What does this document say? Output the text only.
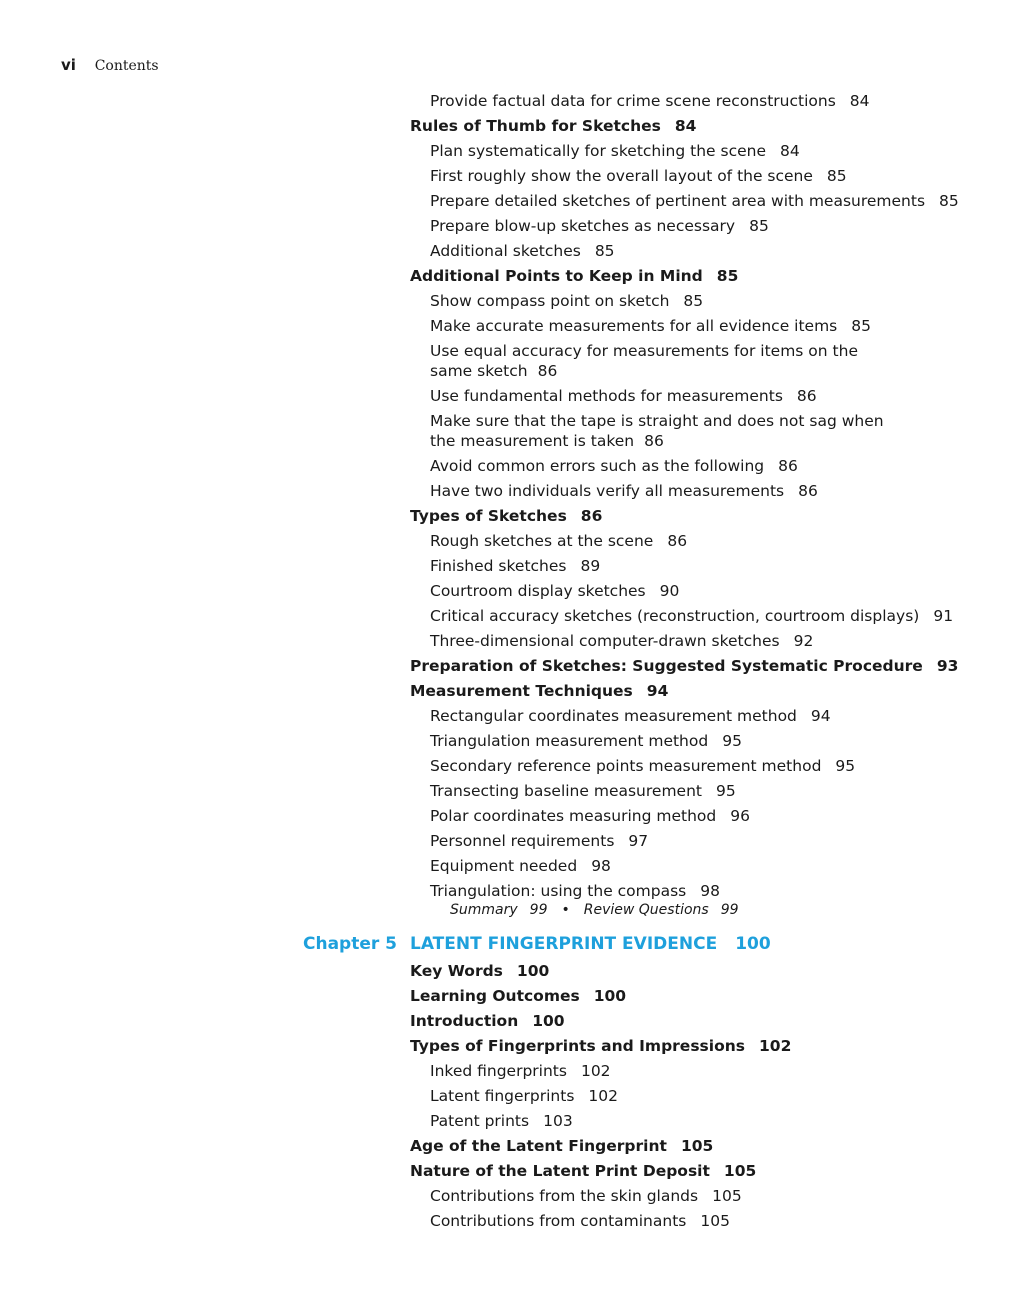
vi Contents
Provide factual data for crime scene reconstructions 84
Rules of Thumb for Sketches 84
Plan systematically for sketching the scene 84
First roughly show the overall layout of the scene 85
Prepare detailed sketches of pertinent area with measurements 85
Prepare blow-up sketches as necessary 85
Additional sketches 85
Additional Points to Keep in Mind 85
Show compass point on sketch 85
Make accurate measurements for all evidence items 85
Use equal accuracy for measurements for items on the same sketch 86
Use fundamental methods for measurements 86
Make sure that the tape is straight and does not sag when the measurement is taken 86
Avoid common errors such as the following 86
Have two individuals verify all measurements 86
Types of Sketches 86
Rough sketches at the scene 86
Finished sketches 89
Courtroom display sketches 90
Critical accuracy sketches (reconstruction, courtroom displays) 91
Three-dimensional computer-drawn sketches 92
Preparation of Sketches: Suggested Systematic Procedure 93
Measurement Techniques 94
Rectangular coordinates measurement method 94
Triangulation measurement method 95
Secondary reference points measurement method 95
Transecting baseline measurement 95
Polar coordinates measuring method 96
Personnel requirements 97
Equipment needed 98
Triangulation: using the compass 98
Summary 99 • Review Questions 99
Chapter 5 LATENT FINGERPRINT EVIDENCE 100
Key Words 100
Learning Outcomes 100
Introduction 100
Types of Fingerprints and Impressions 102
Inked fingerprints 102
Latent fingerprints 102
Patent prints 103
Age of the Latent Fingerprint 105
Nature of the Latent Print Deposit 105
Contributions from the skin glands 105
Contributions from contaminants 105
